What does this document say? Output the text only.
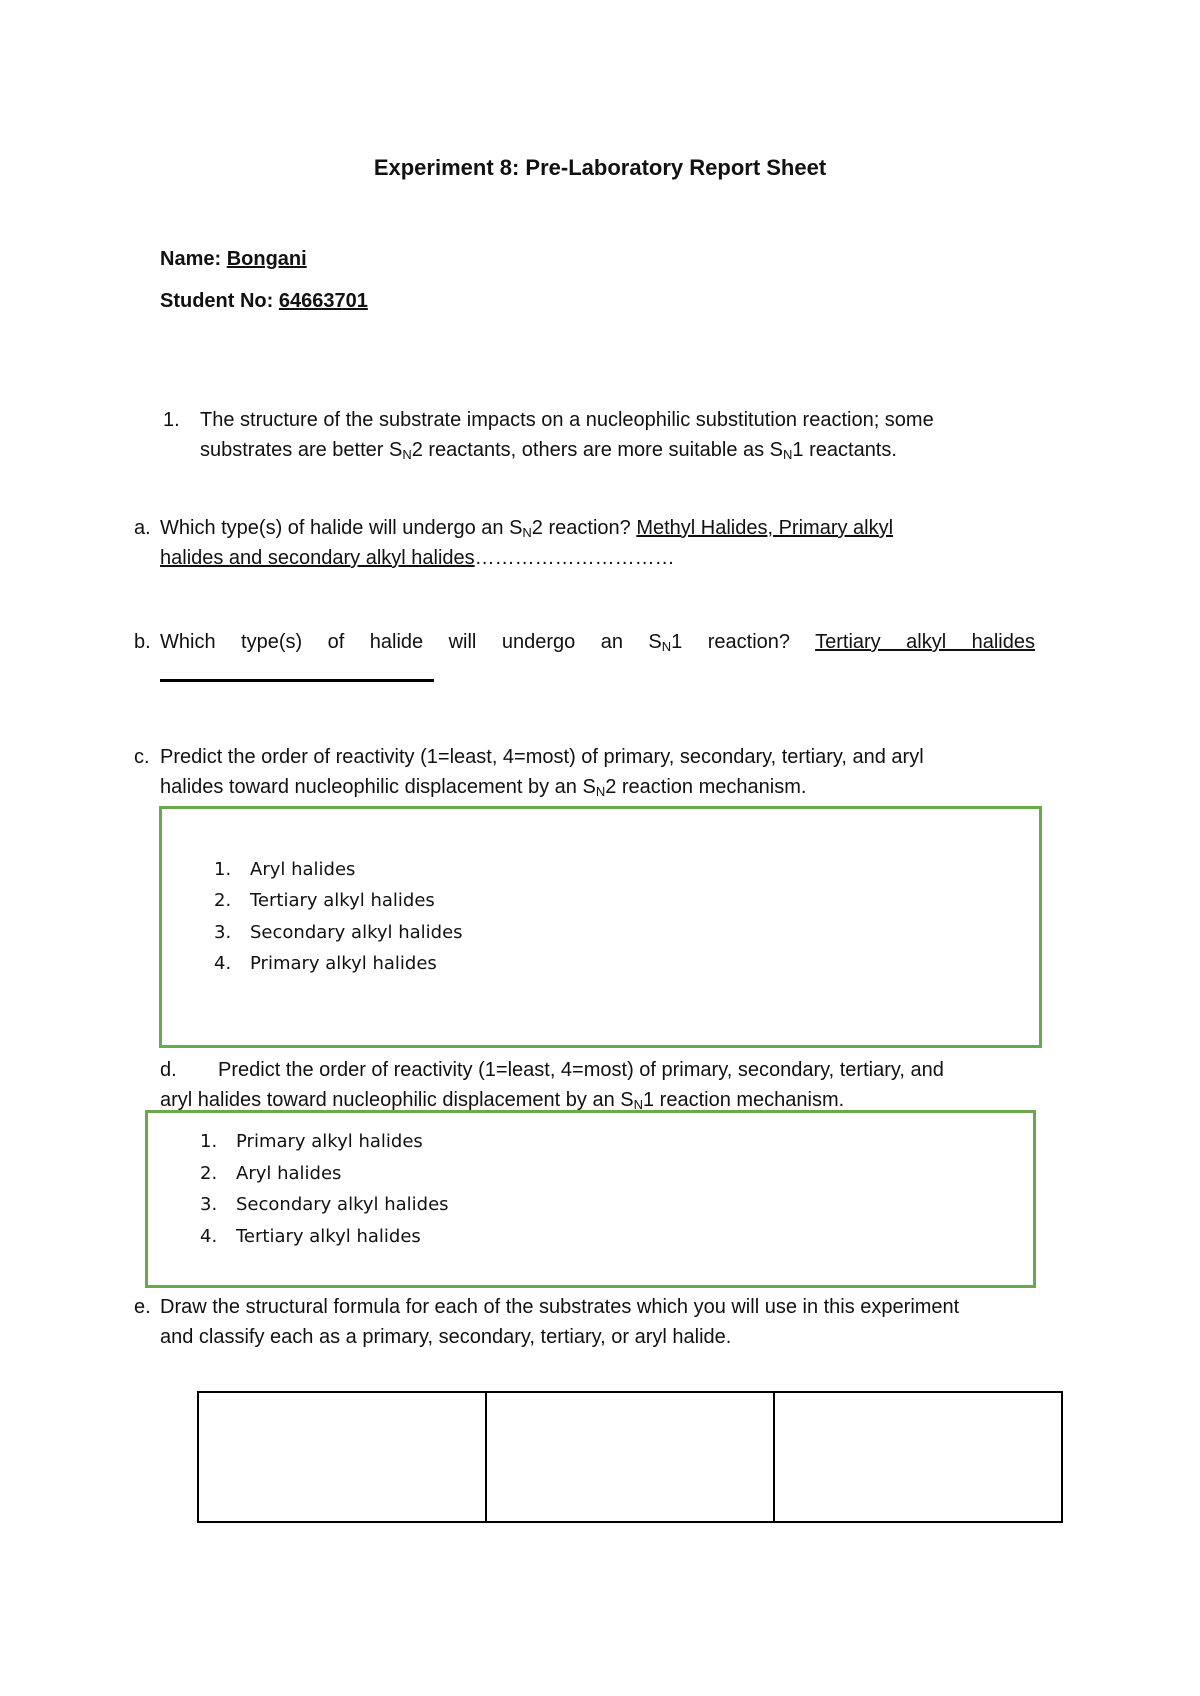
Experiment 8: Pre-Laboratory Report Sheet
Name: Bongani
Student No: 64663701
1. The structure of the substrate impacts on a nucleophilic substitution reaction; some
substrates are better $S_N2$ reactants, others are more suitable as $S_N1$ reactants.
a. Which type(s) of halide will undergo an $S_N2$ reaction? Methyl Halides, Primary alkyl
halides and secondary alkyl halides…………………………
b. Which type(s) of halide will undergo an $S_N1$ reaction? Tertiary alkyl halides
c. Predict the order of reactivity (1=least, 4=most) of primary, secondary, tertiary, and aryl
halides toward nucleophilic displacement by an $S_N2$ reaction mechanism.
1. Aryl halides
2. Tertiary alkyl halides
3. Secondary alkyl halides
4. Primary alkyl halides
d.	Predict the order of reactivity (1=least, 4=most) of primary, secondary, tertiary, and
aryl halides toward nucleophilic displacement by an $S_N1$ reaction mechanism.
1. Primary alkyl halides
2. Aryl halides
3. Secondary alkyl halides
4. Tertiary alkyl halides
e. Draw the structural formula for each of the substrates which you will use in this experiment
and classify each as a primary, secondary, tertiary, or aryl halide.
